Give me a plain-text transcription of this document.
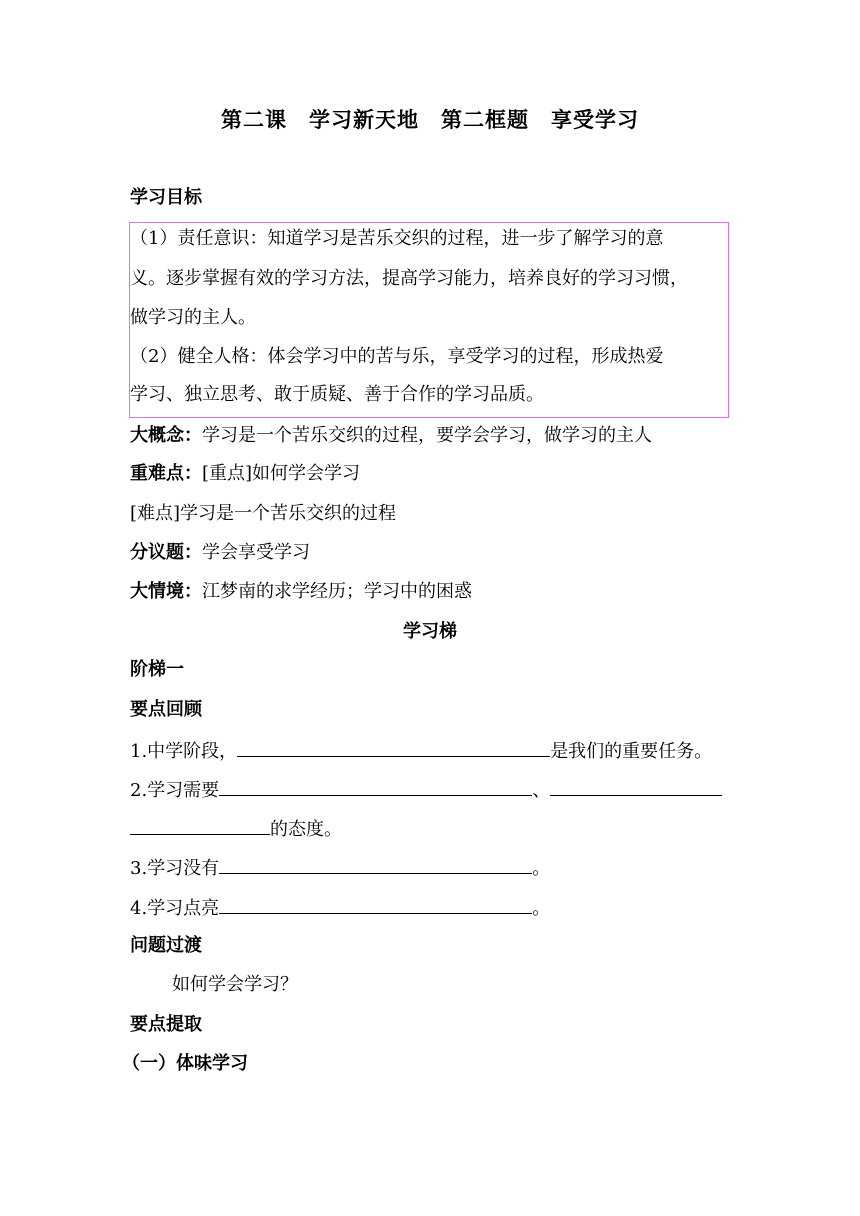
第二课　学习新天地　第二框题　享受学习
学习目标
（1）责任意识：知道学习是苦乐交织的过程，进一步了解学习的意
义。逐步掌握有效的学习方法，提高学习能力，培养良好的学习习惯，
做学习的主人。
（2）健全人格：体会学习中的苦与乐，享受学习的过程，形成热爱
学习、独立思考、敢于质疑、善于合作的学习品质。
大概念：学习是一个苦乐交织的过程，要学会学习，做学习的主人
重难点：[重点]如何学会学习
[难点]学习是一个苦乐交织的过程
分议题：学会享受学习
大情境：江梦南的求学经历；学习中的困惑
学习梯
阶梯一
要点回顾
1.中学阶段，	是我们的重要任务。
2.学习需要	、
的态度。
3.学习没有	。
4.学习点亮	。
问题过渡
如何学会学习？
要点提取
（一）体味学习
